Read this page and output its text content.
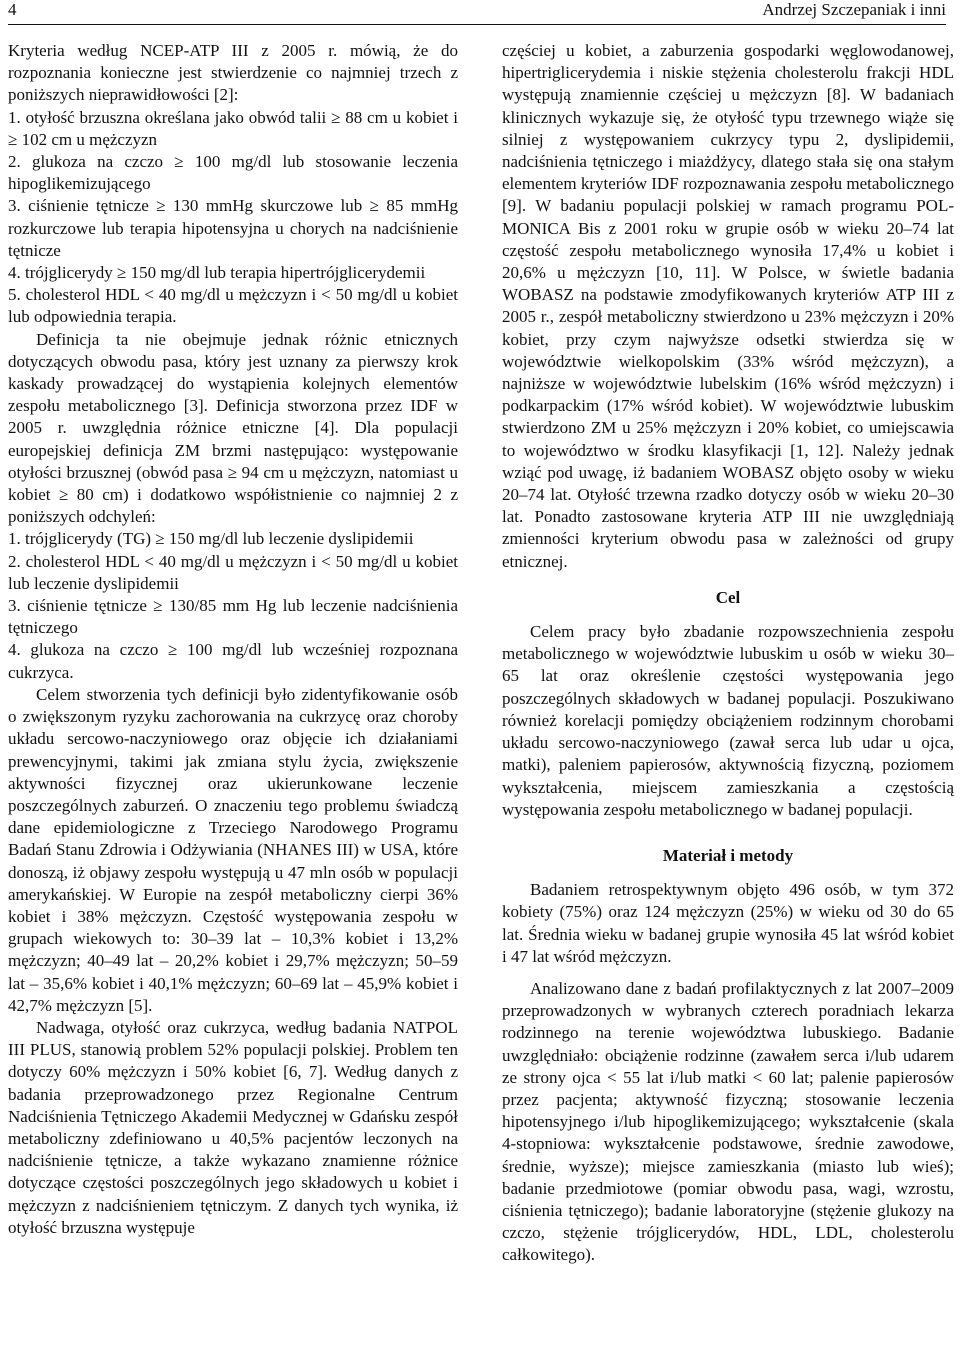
4	Andrzej Szczepaniak i inni

Kryteria według NCEP-ATP III z 2005 r. mówią, że do rozpoznania konieczne jest stwierdzenie co najmniej trzech z poniższych nieprawidłowości [2]:

1. otyłość brzuszna określana jako obwód talii ≥ 88 cm u kobiet i ≥ 102 cm u mężczyzn

2. glukoza na czczo ≥ 100 mg/dl lub stosowanie leczenia hipoglikemizującego

3. ciśnienie tętnicze ≥ 130 mmHg skurczowe lub ≥ 85 mmHg rozkurczowe lub terapia hipotensyjna u chorych na nadciśnienie tętnicze

4. trójglicerydy ≥ 150 mg/dl lub terapia hipertrójglicerydemii

5. cholesterol HDL < 40 mg/dl u mężczyzn i < 50 mg/dl u kobiet lub odpowiednia terapia.

Definicja ta nie obejmuje jednak różnic etnicznych dotyczących obwodu pasa, który jest uznany za pierwszy krok kaskady prowadzącej do wystąpienia kolejnych elementów zespołu metabolicznego [3]. Definicja stworzona przez IDF w 2005 r. uwzględnia różnice etniczne [4]. Dla populacji europejskiej definicja ZM brzmi następująco: występowanie otyłości brzusznej (obwód pasa ≥ 94 cm u mężczyzn, natomiast u kobiet ≥ 80 cm) i dodatkowo współistnienie co najmniej 2 z poniższych odchyleń:

1. trójglicerydy (TG) ≥ 150 mg/dl lub leczenie dyslipidemii

2. cholesterol HDL < 40 mg/dl u mężczyzn i < 50 mg/dl u kobiet lub leczenie dyslipidemii

3. ciśnienie tętnicze ≥ 130/85 mm Hg lub leczenie nadciśnienia tętniczego

4. glukoza na czczo ≥ 100 mg/dl lub wcześniej rozpoznana cukrzyca.

Celem stworzenia tych definicji było zidentyfikowanie osób o zwiększonym ryzyku zachorowania na cukrzycę oraz choroby układu sercowo-naczyniowego oraz objęcie ich działaniami prewencyjnymi, takimi jak zmiana stylu życia, zwiększenie aktywności fizycznej oraz ukierunkowane leczenie poszczególnych zaburzeń. O znaczeniu tego problemu świadczą dane epidemiologiczne z Trzeciego Narodowego Programu Badań Stanu Zdrowia i Odżywiania (NHANES III) w USA, które donoszą, iż objawy zespołu występują u 47 mln osób w populacji amerykańskiej. W Europie na zespół metaboliczny cierpi 36% kobiet i 38% mężczyzn. Częstość występowania zespołu w grupach wiekowych to: 30–39 lat – 10,3% kobiet i 13,2% mężczyzn; 40–49 lat – 20,2% kobiet i 29,7% mężczyzn; 50–59 lat – 35,6% kobiet i 40,1% mężczyzn; 60–69 lat – 45,9% kobiet i 42,7% mężczyzn [5].

Nadwaga, otyłość oraz cukrzyca, według badania NATPOL III PLUS, stanowią problem 52% populacji polskiej. Problem ten dotyczy 60% mężczyzn i 50% kobiet [6, 7]. Według danych z badania przeprowadzonego przez Regionalne Centrum Nadciśnienia Tętniczego Akademii Medycznej w Gdańsku zespół metaboliczny zdefiniowano u 40,5% pacjentów leczonych na nadciśnienie tętnicze, a także wykazano znamienne różnice dotyczące częstości poszczególnych jego składowych u kobiet i mężczyzn z nadciśnieniem tętniczym. Z danych tych wynika, iż otyłość brzuszna występuje

częściej u kobiet, a zaburzenia gospodarki węglowodanowej, hipertriglicerydemia i niskie stężenia cholesterolu frakcji HDL występują znamiennie częściej u mężczyzn [8]. W badaniach klinicznych wykazuje się, że otyłość typu trzewnego wiąże się silniej z występowaniem cukrzycy typu 2, dyslipidemii, nadciśnienia tętniczego i miażdżycy, dlatego stała się ona stałym elementem kryteriów IDF rozpoznawania zespołu metabolicznego [9]. W badaniu populacji polskiej w ramach programu POL-MONICA Bis z 2001 roku w grupie osób w wieku 20–74 lat częstość zespołu metabolicznego wynosiła 17,4% u kobiet i 20,6% u mężczyzn [10, 11]. W Polsce, w świetle badania WOBASZ na podstawie zmodyfikowanych kryteriów ATP III z 2005 r., zespół metaboliczny stwierdzono u 23% mężczyzn i 20% kobiet, przy czym najwyższe odsetki stwierdza się w województwie wielkopolskim (33% wśród mężczyzn), a najniższe w województwie lubelskim (16% wśród mężczyzn) i podkarpackim (17% wśród kobiet). W województwie lubuskim stwierdzono ZM u 25% mężczyzn i 20% kobiet, co umiejscawia to województwo w środku klasyfikacji [1, 12]. Należy jednak wziąć pod uwagę, iż badaniem WOBASZ objęto osoby w wieku 20–74 lat. Otyłość trzewna rzadko dotyczy osób w wieku 20–30 lat. Ponadto zastosowane kryteria ATP III nie uwzględniają zmienności kryterium obwodu pasa w zależności od grupy etnicznej.

Cel

Celem pracy było zbadanie rozpowszechnienia zespołu metabolicznego w województwie lubuskim u osób w wieku 30–65 lat oraz określenie częstości występowania jego poszczególnych składowych w badanej populacji. Poszukiwano również korelacji pomiędzy obciążeniem rodzinnym chorobami układu sercowo-naczyniowego (zawał serca lub udar u ojca, matki), paleniem papierosów, aktywnością fizyczną, poziomem wykształcenia, miejscem zamieszkania a częstością występowania zespołu metabolicznego w badanej populacji.

Materiał i metody

Badaniem retrospektywnym objęto 496 osób, w tym 372 kobiety (75%) oraz 124 mężczyzn (25%) w wieku od 30 do 65 lat. Średnia wieku w badanej grupie wynosiła 45 lat wśród kobiet i 47 lat wśród mężczyzn.

Analizowano dane z badań profilaktycznych z lat 2007–2009 przeprowadzonych w wybranych czterech poradniach lekarza rodzinnego na terenie województwa lubuskiego. Badanie uwzględniało: obciążenie rodzinne (zawałem serca i/lub udarem ze strony ojca < 55 lat i/lub matki < 60 lat; palenie papierosów przez pacjenta; aktywność fizyczną; stosowanie leczenia hipotensyjnego i/lub hipoglikemizującego; wykształcenie (skala 4-stopniowa: wykształcenie podstawowe, średnie zawodowe, średnie, wyższe); miejsce zamieszkania (miasto lub wieś); badanie przedmiotowe (pomiar obwodu pasa, wagi, wzrostu, ciśnienia tętniczego); badanie laboratoryjne (stężenie glukozy na czczo, stężenie trójglicerydów, HDL, LDL, cholesterolu całkowitego).
